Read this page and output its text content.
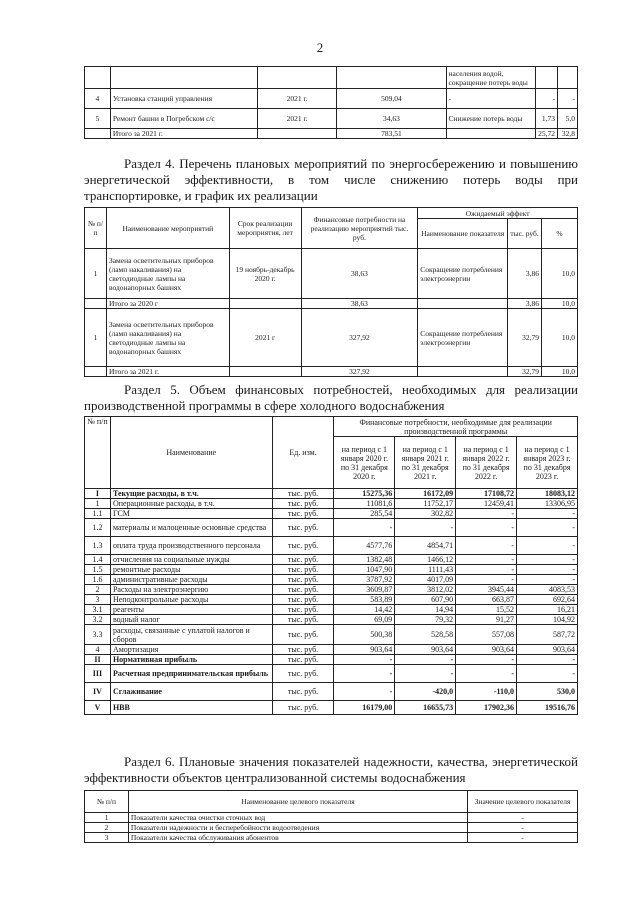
2
				населения водой, сокращение потерь воды		
4	Установка станций управления	2021 г.	509,04	-	-	-
5	Ремонт башни в Погребском с/с	2021 г.	34,63	Снижение потерь воды	1,73	5,0
	Итого за 2021 г.		783,51		25,72	32,8
Раздел 4. Перечень плановых мероприятий по энергосбережению и повышению энергетической эффективности, в том числе снижению потерь воды при транспортировке, и график их реализации
№ п/ п	Наименование мероприятий	Срок реализации мероприятия, лет	Финансовые потребности на реализацию мероприятий тыс. руб.	Ожидаемый эффект		
				Наименование показателя	тыс. руб.	%
1	Замена осветительных приборов (ламп накаливания) на светодиодные лампы на водонапорных башнях	19 ноябрь-декабрь 2020 г.	38,63	Сокращение потребления электроэнергии	3,86	10,0
	Итого за 2020 г		38,63		3,86	10,0
1	Замена осветительных приборов (ламп накаливания) на светодиодные лампы на водонапорных башнях	2021 г	327,92	Сокращение потребления электроэнергии	32,79	10,0
	Итого за 2021 г.		327,92		32,79	10,0
Раздел 5. Объем финансовых потребностей, необходимых для реализации производственной программы в сфере холодного водоснабжения
№ п/п	Наименование	Ед. изм.	Финансовые потребности, необходимые для реализации производственной программы			
			на период с 1 января 2020 г. по 31 декабря 2020 г.	на период с 1 января 2021 г. по 31 декабря 2021 г.	на период с 1 января 2022 г. по 31 декабря 2022 г.	на период с 1 января 2023 г. по 31 декабря 2023 г.
I	Текущие расходы, в т.ч.	тыс. руб.	15275,36	16172,09	17108,72	18083,12
1	Операционные расходы, в т.ч.	тыс. руб.	11081,6	11752,17	12459,41	13306,95
1.1	ГСМ	тыс. руб.	285,54	302,82	-	-
1.2	материалы и малоценные основные средства	тыс. руб.	-	-	-	-
1.3	оплата труда производственного персонала	тыс. руб.	4577,76	4854,71	-	-
1.4	отчисления на социальные нужды	тыс. руб.	1382,48	1466,12	-	-
1.5	ремонтные расходы	тыс. руб.	1047,90	1111,43	-	-
1.6	административные расходы	тыс. руб.	3787,92	4017,09	-	-
2	Расходы на электроэнергию	тыс. руб.	3609,87	3812,02	3945,44	4083,53
3	Неподконтрольные расходы	тыс. руб.	583,89	607,90	663,87	692,64
3.1	реагенты	тыс. руб.	14,42	14,94	15,52	16,21
3.2	водный налог	тыс. руб.	69,09	79,32	91,27	104,92
3.3	расходы, связанные с уплатой налогов и сборов	тыс. руб.	500,38	528,58	557,08	587,72
4	Амортизация	тыс. руб.	903,64	903,64	903,64	903,64
II	Нормативная прибыль	тыс. руб.	-	-	-	-
III	Расчетная предпринимательская прибыль	тыс. руб.	-	-	-	-
IV	Сглаживание	тыс. руб.	-	-420,0	-110,0	530,0
V	НВВ	тыс. руб.	16179,00	16655,73	17902,36	19516,76
Раздел 6. Плановые значения показателей надежности, качества, энергетической эффективности объектов централизованной системы водоснабжения
№ п/п	Наименование целевого показателя	Значение целевого показателя
1	Показатели качества очистки сточных вод	-
2	Показатели надежности и бесперебойности водоотведения	-
3	Показатели качества обслуживания абонентов	-
